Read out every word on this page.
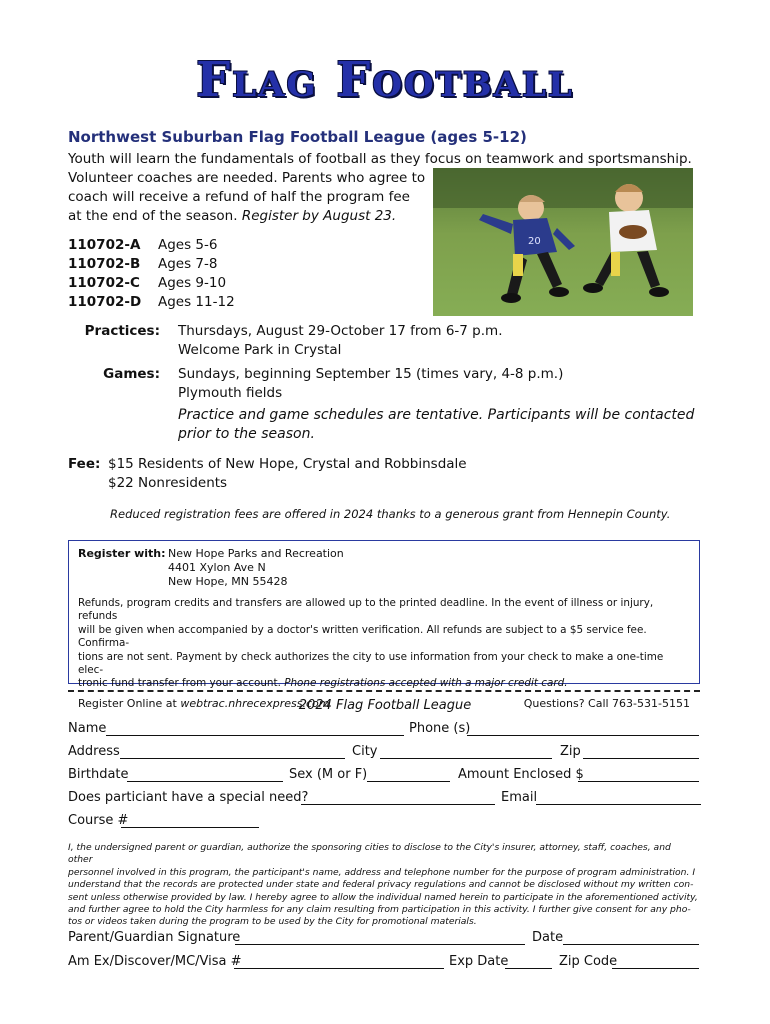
Flag Football
Northwest Suburban Flag Football League (ages 5-12)
Youth will learn the fundamentals of football as they focus on teamwork and sportsmanship.
Volunteer coaches are needed. Parents who agree to
coach will receive a refund of half the program fee
at the end of the season. Register by August 23.
20
110702-A	Ages 5-6
110702-B	Ages 7-8
110702-C	Ages 9-10
110702-D	Ages 11-12
Practices: Thursdays, August 29-October 17 from 6-7 p.m.
Welcome Park in Crystal
Games: Sundays, beginning September 15 (times vary, 4-8 p.m.)
Plymouth fields
Practice and game schedules are tentative. Participants will be contacted
prior to the season.
Fee: $15 Residents of New Hope, Crystal and Robbinsdale
$22 Nonresidents
Reduced registration fees are offered in 2024 thanks to a generous grant from Hennepin County.
Register with: New Hope Parks and Recreation
4401 Xylon Ave N
New Hope, MN 55428
Refunds, program credits and transfers are allowed up to the printed deadline. In the event of illness or injury, refunds
will be given when accompanied by a doctor's written verification. All refunds are subject to a $5 service fee. Confirma-
tions are not sent. Payment by check authorizes the city to use information from your check to make a one-time elec-
tronic fund transfer from your account. Phone registrations accepted with a major credit card.
Register Online at webtrac.nhrecexpress.com	Questions? Call 763-531-5151
2024 Flag Football League
Name	Phone (s)
Address	City	Zip
Birthdate	Sex (M or F)	Amount Enclosed $
Does particiant have a special need?	Email
Course #
I, the undersigned parent or guardian, authorize the sponsoring cities to disclose to the City's insurer, attorney, staff, coaches, and other
personnel involved in this program, the participant's name, address and telephone number for the purpose of program administration. I
understand that the records are protected under state and federal privacy regulations and cannot be disclosed without my written con-
sent unless otherwise provided by law. I hereby agree to allow the individual named herein to participate in the aforementioned activity,
and further agree to hold the City harmless for any claim resulting from participation in this activity. I further give consent for any pho-
tos or videos taken during the program to be used by the City for promotional materials.
Parent/Guardian Signature	Date
Am Ex/Discover/MC/Visa #	Exp Date	Zip Code
